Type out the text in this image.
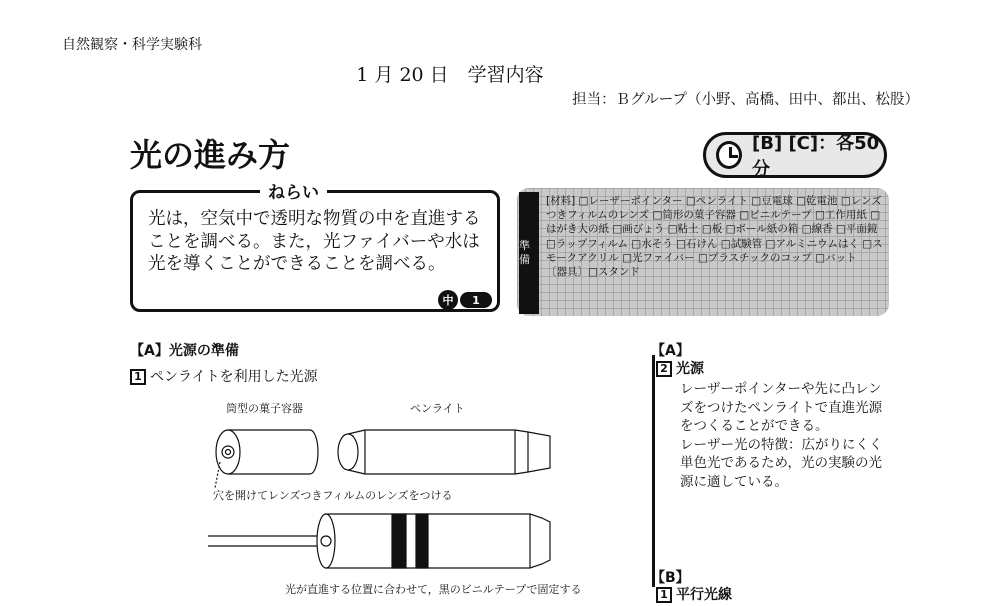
自然観察・科学実験科
1 月 20 日　学習内容
担当：Ｂグループ（小野、高橋、田中、都出、松股）
光の進み方	[B] [C]：各50分
ねらい
光は，空気中で透明な物質の中を直進することを調べる。また，光ファイバーや水は光を導くことができることを調べる。
中	1
準備
[材料] □レーザーポインター □ペンライト □豆電球 □乾電池 □レンズつきフィルムのレンズ □筒形の菓子容器 □ビニルテープ □工作用紙 □はがき大の紙 □画びょう □粘土 □板 □ボール紙の箱 □線香 □平面鏡 □ラップフィルム □水そう □石けん □試験管 □アルミニウムはく □スモークアクリル □光ファイバー □プラスチックのコップ □バット
〔器具〕□スタンド
【A】光源の準備
1 ペンライトを利用した光源
筒型の菓子容器	ペンライト
穴を開けてレンズつきフィルムのレンズをつける
光が直進する位置に合わせて，黒のビニルテープで固定する
【A】
2 光源
レーザーポインターや先に凸レンズをつけたペンライトで直進光源をつくることができる。
レーザー光の特徴：広がりにくく単色光であるため，光の実験の光源に適している。
【B】
1 平行光線
